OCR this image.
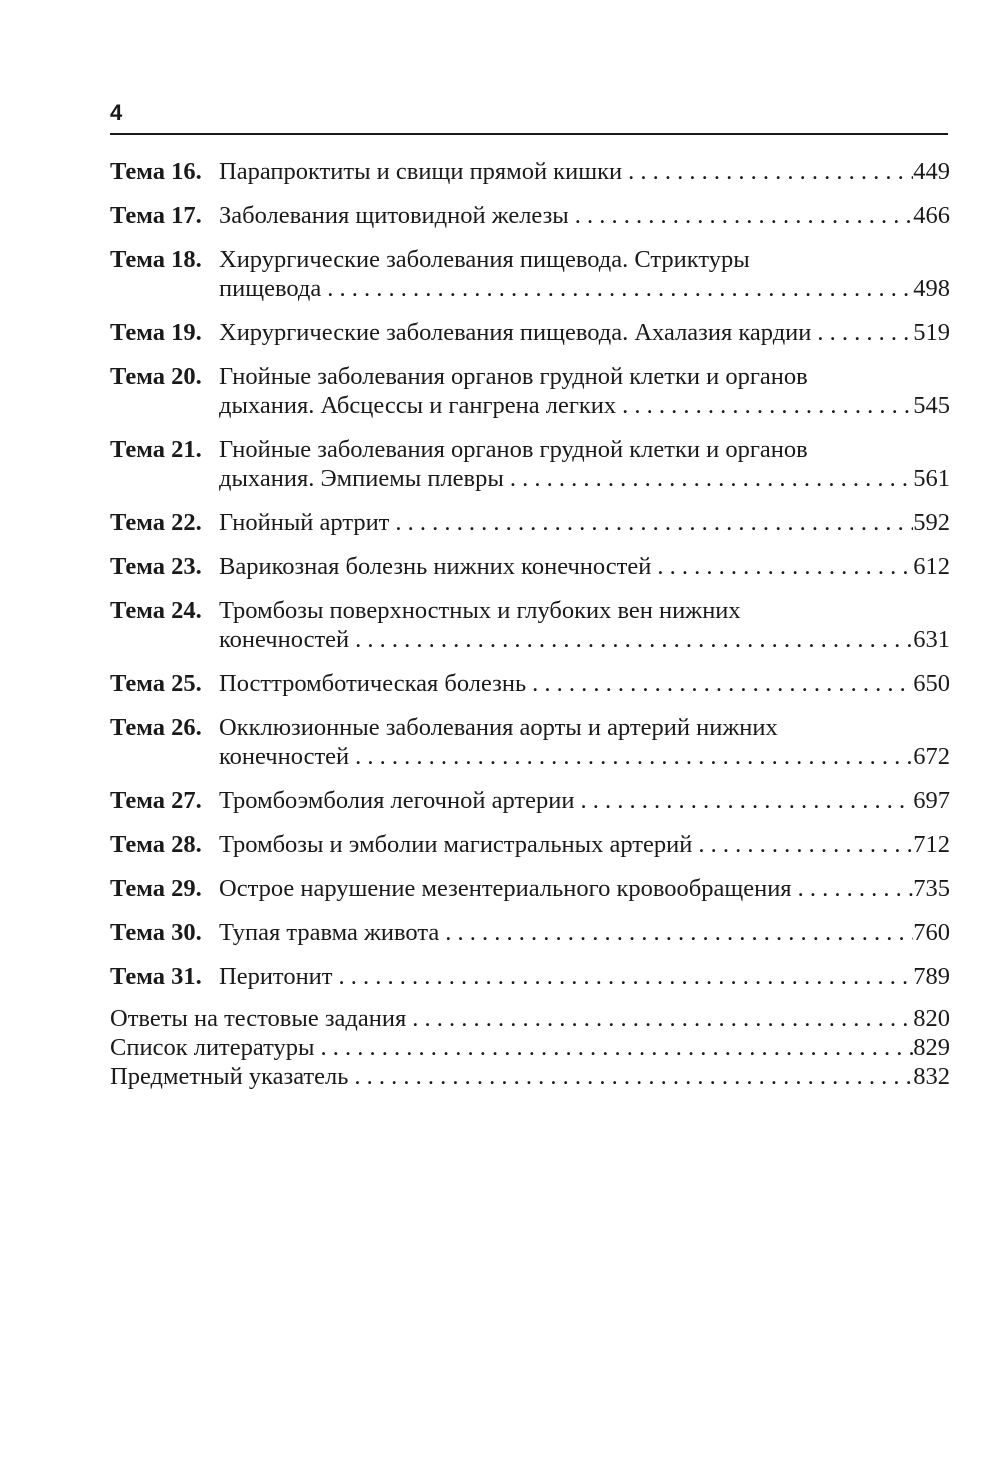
4
Тема 16. Парапроктиты и свищи прямой кишки . . .	449
Тема 17. Заболевания щитовидной железы . . .	466
Тема 18. Хирургические заболевания пищевода. Стриктуры
пищевода . . .	498
Тема 19. Хирургические заболевания пищевода. Ахалазия кардии . . .	519
Тема 20. Гнойные заболевания органов грудной клетки и органов
дыхания. Абсцессы и гангрена легких . . .	545
Тема 21. Гнойные заболевания органов грудной клетки и органов
дыхания. Эмпиемы плевры . . .	561
Тема 22. Гнойный артрит . . .	592
Тема 23. Варикозная болезнь нижних конечностей . . .	612
Тема 24. Тромбозы поверхностных и глубоких вен нижних
конечностей . . .	631
Тема 25. Посттромботическая болезнь . . .	650
Тема 26. Окклюзионные заболевания аорты и артерий нижних
конечностей . . .	672
Тема 27. Тромбоэмболия легочной артерии . . .	697
Тема 28. Тромбозы и эмболии магистральных артерий . . .	712
Тема 29. Острое нарушение мезентериального кровообращения . . .	735
Тема 30. Тупая травма живота . . .	760
Тема 31. Перитонит . . .	789
Ответы на тестовые задания . . .	820
Список литературы . . .	829
Предметный указатель . . .	832
